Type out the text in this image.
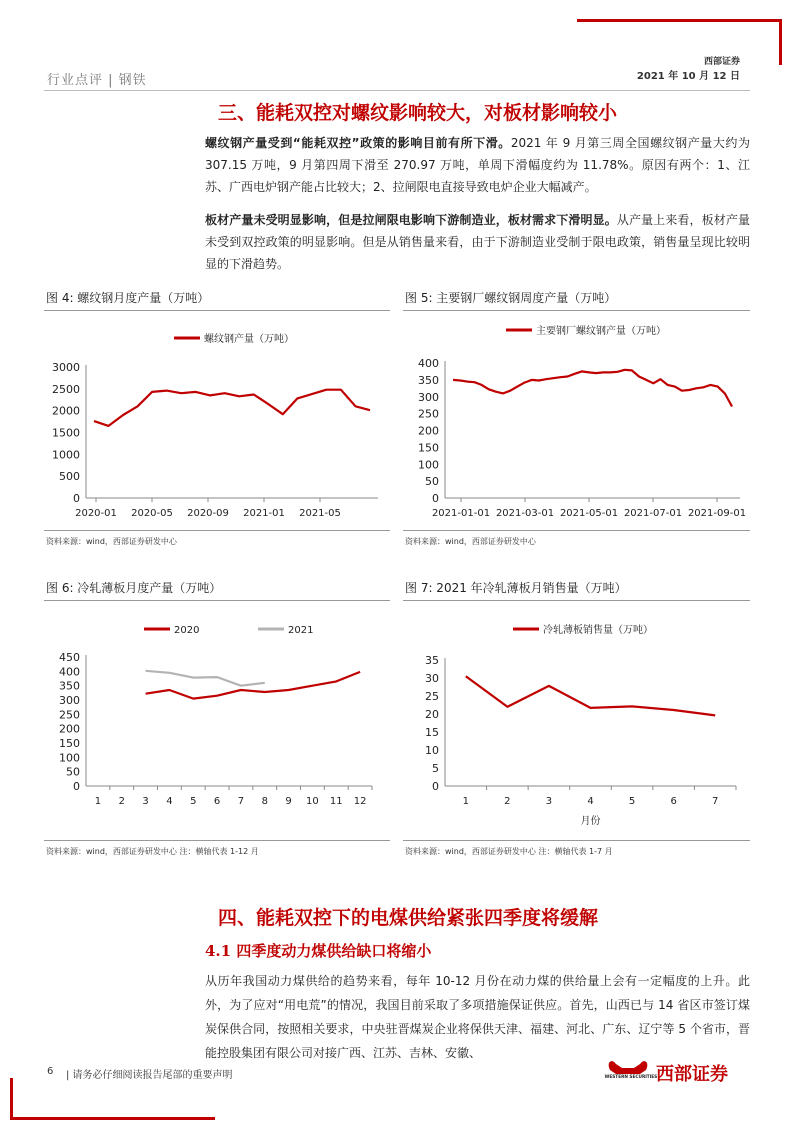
行业点评 | 钢铁
西部证券
2021 年 10 月 12 日
三、能耗双控对螺纹影响较大，对板材影响较小
螺纹钢产量受到“能耗双控”政策的影响目前有所下滑。2021 年 9 月第三周全国螺纹钢产量大约为 307.15 万吨，9 月第四周下滑至 270.97 万吨，单周下滑幅度约为 11.78%。原因有两个：1、江苏、广西电炉钢产能占比较大；2、拉闸限电直接导致电炉企业大幅减产。
板材产量未受明显影响，但是拉闸限电影响下游制造业，板材需求下滑明显。从产量上来看，板材产量未受到双控政策的明显影响。但是从销售量来看，由于下游制造业受制于限电政策，销售量呈现比较明显的下滑趋势。
图 4: 螺纹钢月度产量（万吨）
0
500
1000
1500
2000
2500
3000
螺纹钢产量（万吨）
2020-01 2020-05 2020-09 2021-01 2021-05
资料来源：wind，西部证券研发中心
图 5: 主要钢厂螺纹钢周度产量（万吨）
0
50
100
150
200
250
300
350
400
主要钢厂螺纹钢产量（万吨）
2021-01-01 2021-03-01 2021-05-01 2021-07-01 2021-09-01
资料来源：wind，西部证券研发中心
图 6: 冷轧薄板月度产量（万吨）
0
50
100
150
200
250
300
350
400
450
2020	2021
1 2 3 4 5 6 7 8 9 10 11 12
资料来源：wind，西部证券研发中心 注：横轴代表 1-12 月
图 7: 2021 年冷轧薄板月销售量（万吨）
0
5
10
15
20
25
30
35
冷轧薄板销售量（万吨）
1	2	3	4	5	6	7
月份
资料来源：wind，西部证券研发中心 注：横轴代表 1-7 月
四、能耗双控下的电煤供给紧张四季度将缓解
4.1 四季度动力煤供给缺口将缩小
从历年我国动力煤供给的趋势来看，每年 10-12 月份在动力煤的供给量上会有一定幅度的上升。此外，为了应对“用电荒”的情况，我国目前采取了多项措施保证供应。首先，山西已与 14 省区市签订煤炭保供合同，按照相关要求，中央驻晋煤炭企业将保供天津、福建、河北、广东、辽宁等 5 个省市，晋能控股集团有限公司对接广西、江苏、吉林、安徽、
6 | 请务必仔细阅读报告尾部的重要声明	WESTERN SECURITIES
西部证券
